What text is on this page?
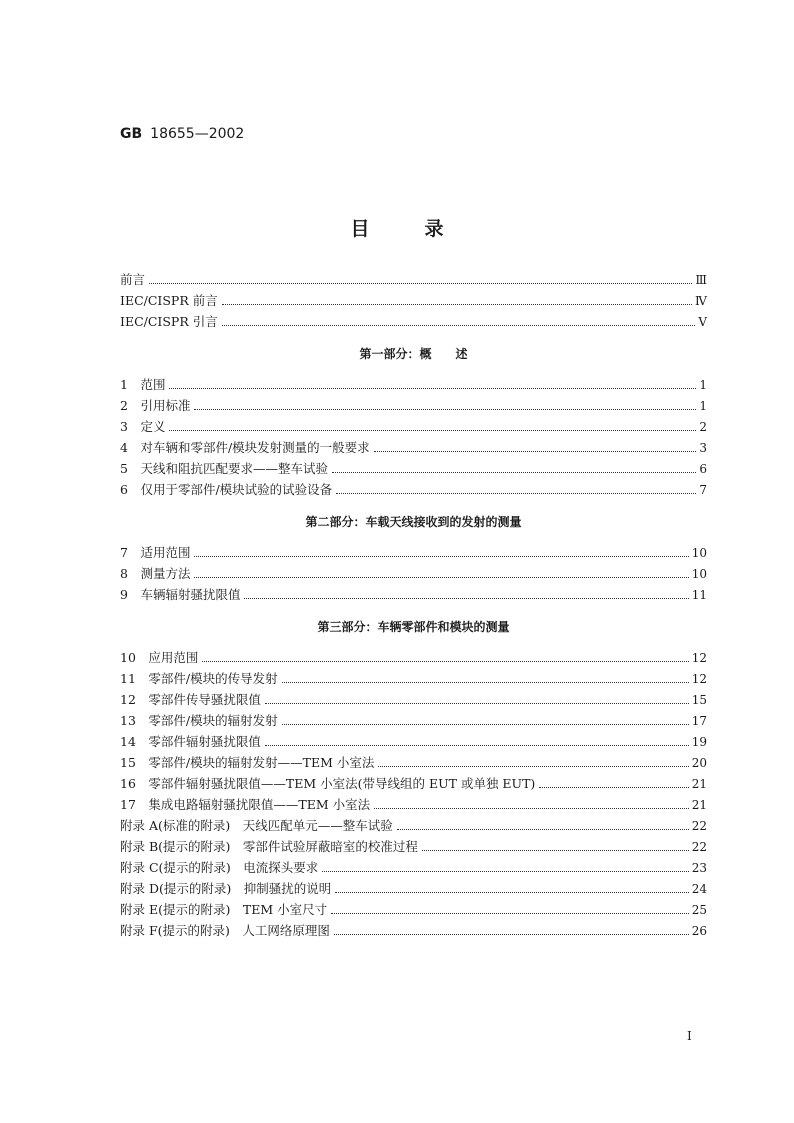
GB 18655—2002
目录
前言	Ⅲ
IEC/CISPR 前言	Ⅳ
IEC/CISPR 引言	Ⅴ
第一部分：概　　述
1　范围	1
2　引用标准	1
3　定义	2
4　对车辆和零部件/模块发射测量的一般要求	3
5　天线和阻抗匹配要求——整车试验	6
6　仅用于零部件/模块试验的试验设备	7
第二部分：车载天线接收到的发射的测量
7　适用范围	10
8　测量方法	10
9　车辆辐射骚扰限值	11
第三部分：车辆零部件和模块的测量
10　应用范围	12
11　零部件/模块的传导发射	12
12　零部件传导骚扰限值	15
13　零部件/模块的辐射发射	17
14　零部件辐射骚扰限值	19
15　零部件/模块的辐射发射——TEM 小室法	20
16　零部件辐射骚扰限值——TEM 小室法(带导线组的 EUT 或单独 EUT)	21
17　集成电路辐射骚扰限值——TEM 小室法	21
附录 A(标准的附录)　天线匹配单元——整车试验	22
附录 B(提示的附录)　零部件试验屏蔽暗室的校准过程	22
附录 C(提示的附录)　电流探头要求	23
附录 D(提示的附录)　抑制骚扰的说明	24
附录 E(提示的附录)　TEM 小室尺寸	25
附录 F(提示的附录)　人工网络原理图	26
I
